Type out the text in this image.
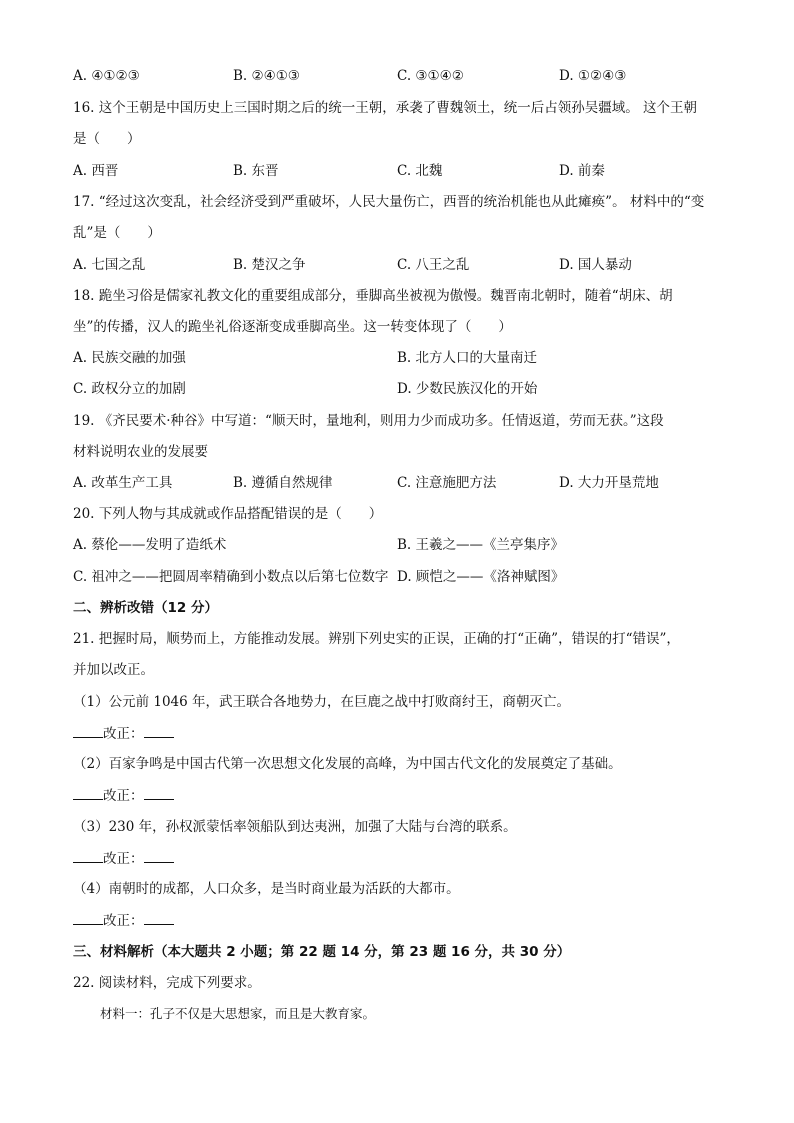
A. ④①②③	B. ②④①③	C. ③①④②	D. ①②④③
16. 这个王朝是中国历史上三国时期之后的统一王朝，承袭了曹魏领土，统一后占领孙吴疆域。 这个王朝
是（　　）
A. 西晋	B. 东晋	C. 北魏	D. 前秦
17. “经过这次变乱，社会经济受到严重破坏，人民大量伤亡，西晋的统治机能也从此瘫痪”。 材料中的“变
乱”是（　　）
A. 七国之乱	B. 楚汉之争	C. 八王之乱	D. 国人暴动
18. 跪坐习俗是儒家礼教文化的重要组成部分，垂脚高坐被视为傲慢。魏晋南北朝时，随着“胡床、胡
坐”的传播，汉人的跪坐礼俗逐渐变成垂脚高坐。这一转变体现了（　　）
A. 民族交融的加强	B. 北方人口的大量南迁
C. 政权分立的加剧	D. 少数民族汉化的开始
19. 《齐民要术·种谷》中写道：“顺天时，量地利，则用力少而成功多。任情返道，劳而无获。”这段
材料说明农业的发展要
A. 改革生产工具	B. 遵循自然规律	C. 注意施肥方法	D. 大力开垦荒地
20. 下列人物与其成就或作品搭配错误的是（　　）
A. 蔡伦——发明了造纸术	B. 王羲之——《兰亭集序》
C. 祖冲之——把圆周率精确到小数点以后第七位数字 D. 顾恺之——《洛神赋图》
二、辨析改错（12 分）
21. 把握时局，顺势而上，方能推动发展。辨别下列史实的正误，正确的打“正确”，错误的打“错误”，
并加以改正。
（1）公元前 1046 年，武王联合各地势力，在巨鹿之战中打败商纣王，商朝灭亡。
改正：
（2）百家争鸣是中国古代第一次思想文化发展的高峰，为中国古代文化的发展奠定了基础。
改正：
（3）230 年，孙权派蒙恬率领船队到达夷洲，加强了大陆与台湾的联系。
改正：
（4）南朝时的成都，人口众多，是当时商业最为活跃的大都市。
改正：
三、材料解析（本大题共 2 小题；第 22 题 14 分，第 23 题 16 分，共 30 分）
22. 阅读材料，完成下列要求。
材料一：孔子不仅是大思想家，而且是大教育家。
